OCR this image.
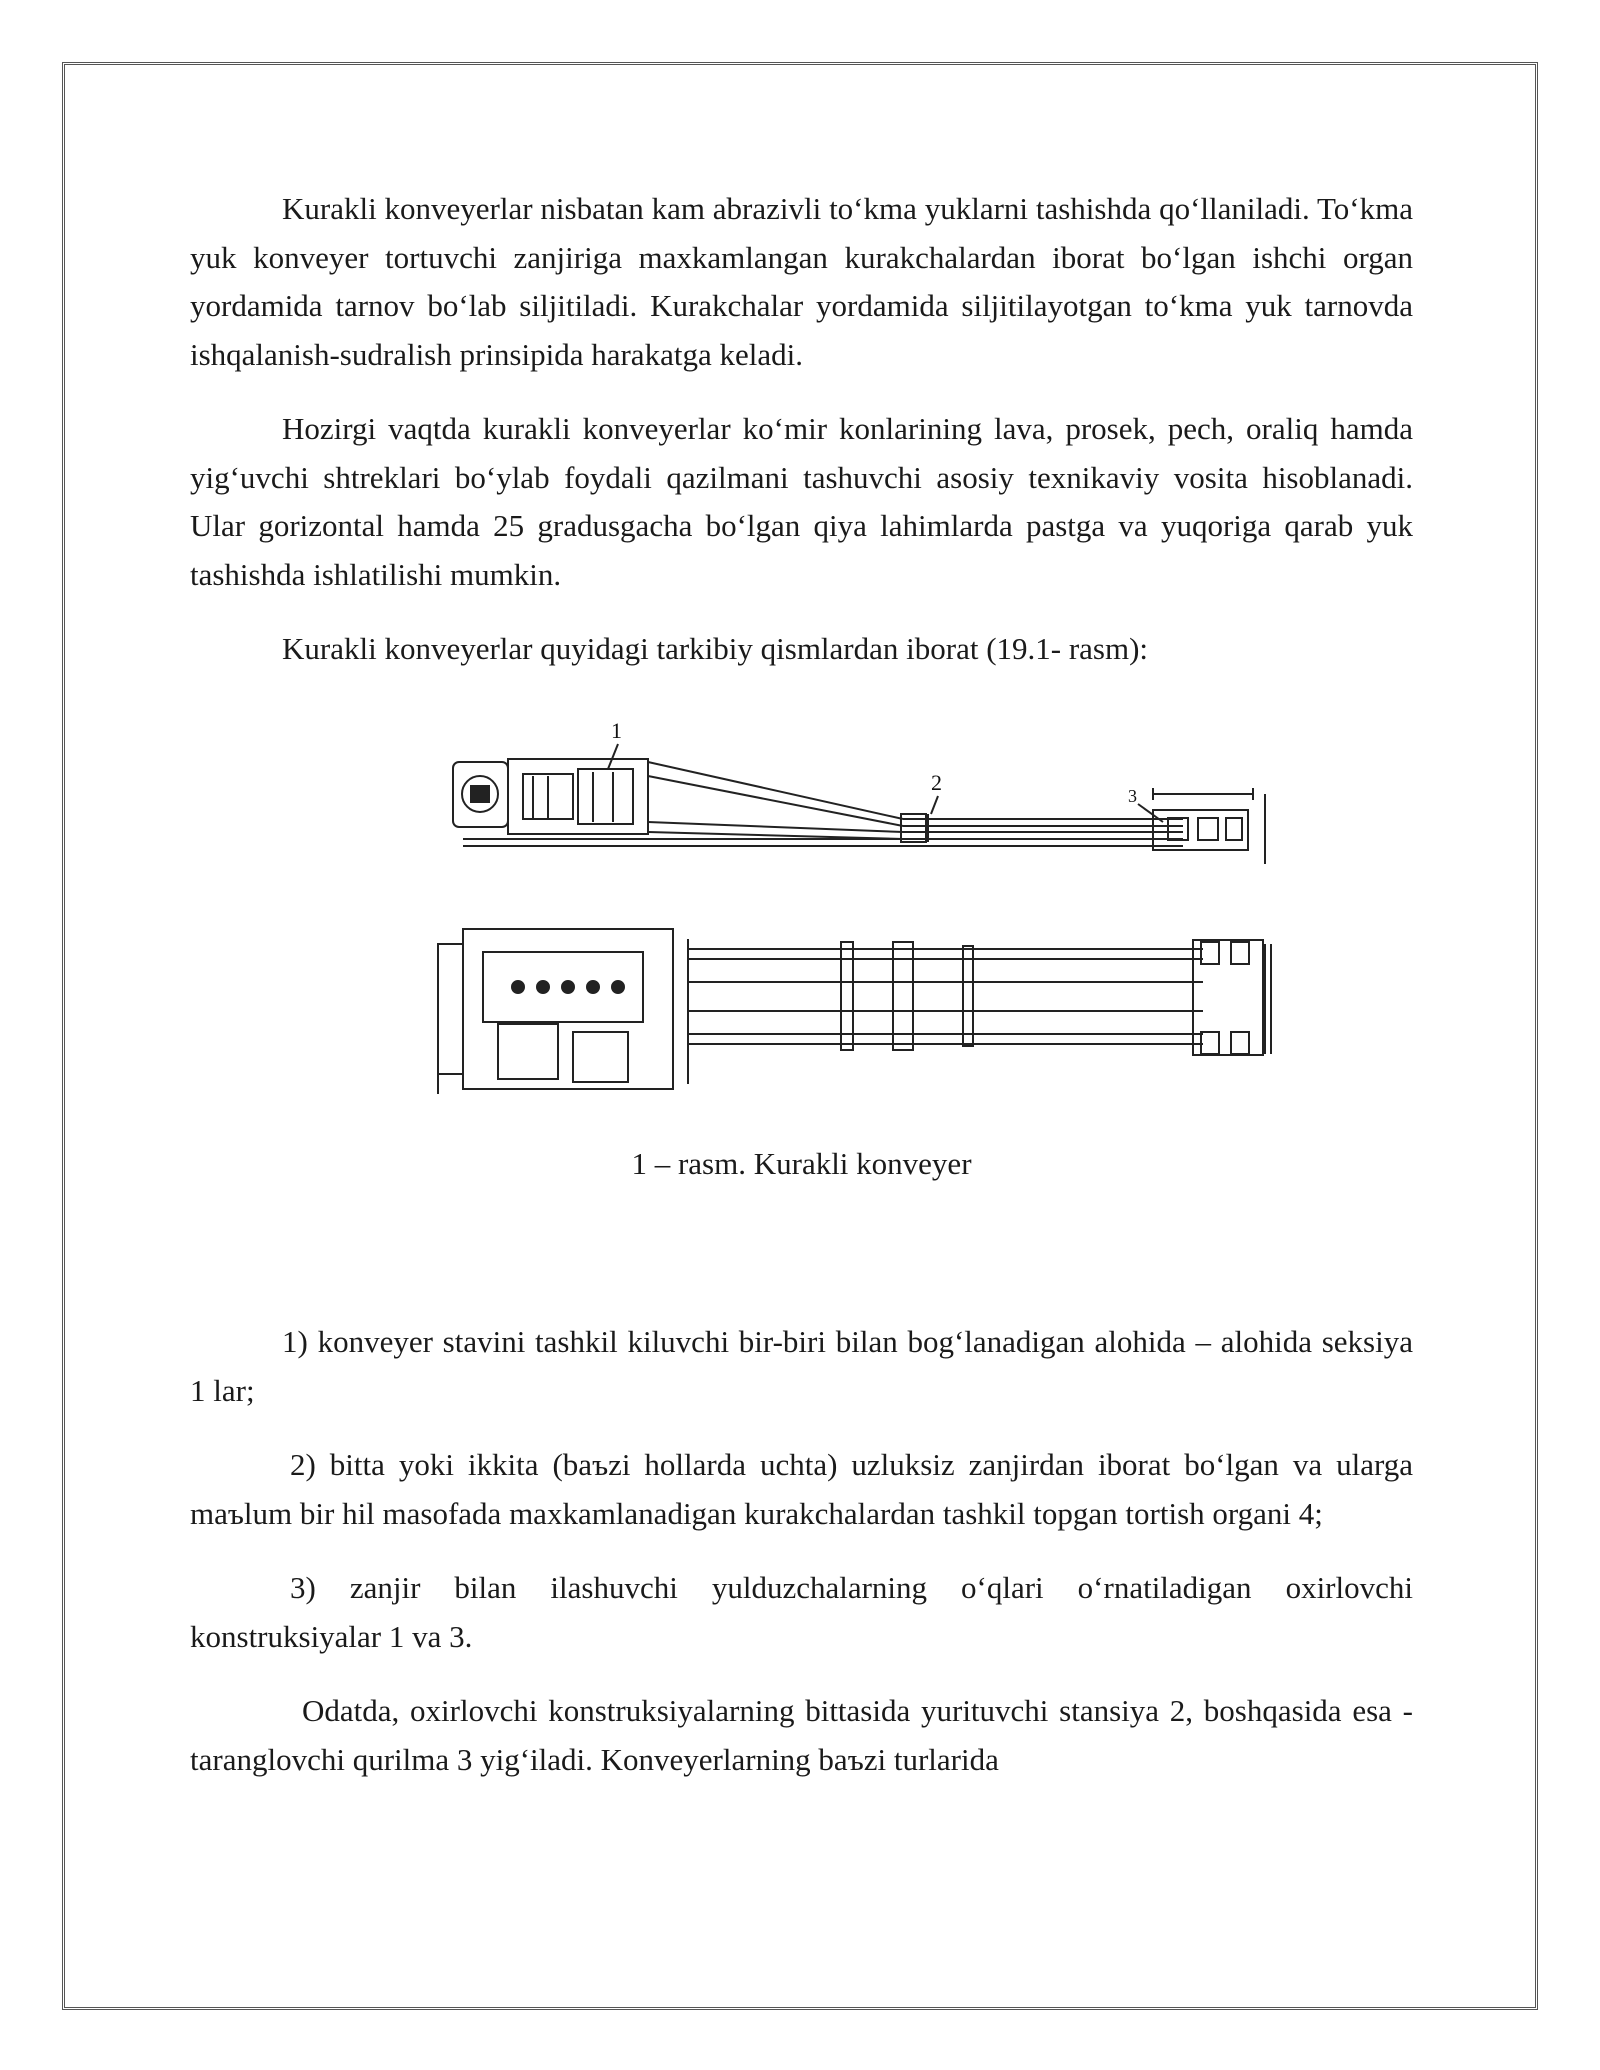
Kurakli konveyerlar nisbatan kam abrazivli to‘kma yuklarni tashishda qo‘llaniladi. To‘kma yuk konveyer tortuvchi zanjiriga maxkamlangan kurakchalardan iborat bo‘lgan ishchi organ yordamida tarnov bo‘lab siljitiladi. Kurakchalar yordamida siljitilayotgan to‘kma yuk tarnovda ishqalanish-sudralish prinsipida harakatga keladi.

Hozirgi vaqtda kurakli konveyerlar ko‘mir konlarining lava, prosek, pech, oraliq hamda yig‘uvchi shtreklari bo‘ylab foydali qazilmani tashuvchi asosiy texnikaviy vosita hisoblanadi. Ular gorizontal hamda 25 gradusgacha bo‘lgan qiya lahimlarda pastga va yuqoriga qarab yuk tashishda ishlatilishi mumkin.

Kurakli konveyerlar quyidagi tarkibiy qismlardan iborat (19.1- rasm):

1
2
3

1 – rasm. Kurakli konveyer

1) konveyer stavini tashkil kiluvchi bir-biri bilan bog‘lanadigan alohida – alohida seksiya 1 lar;

2) bitta yoki ikkita (baъzi hollarda uchta) uzluksiz zanjirdan iborat bo‘lgan va ularga maъlum bir hil masofada maxkamlanadigan kurakchalardan tashkil topgan tortish organi 4;

3) zanjir bilan ilashuvchi yulduzchalarning o‘qlari o‘rnatiladigan oxirlovchi konstruksiyalar 1 va 3.

Odatda, oxirlovchi konstruksiyalarning bittasida yurituvchi stansiya 2, boshqasida esa - taranglovchi qurilma 3 yig‘iladi. Konveyerlarning baъzi turlarida
